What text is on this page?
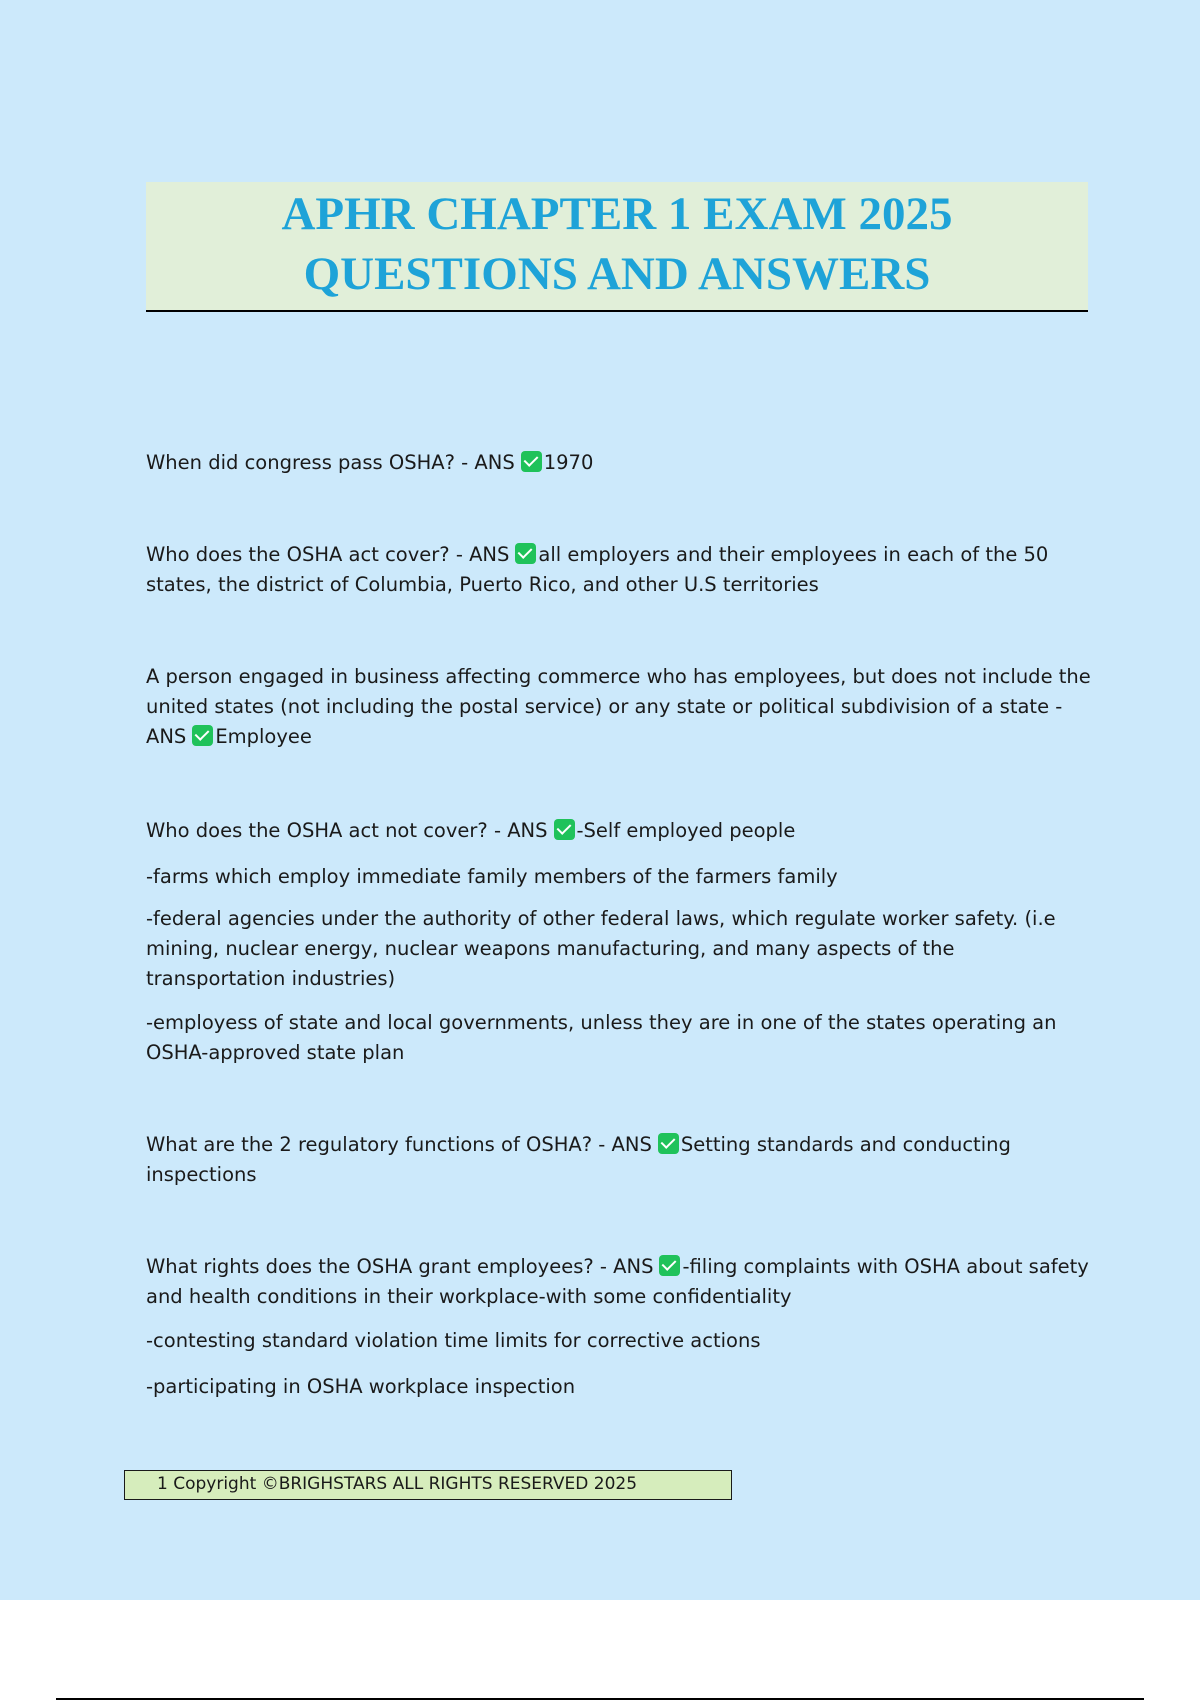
APHR CHAPTER 1 EXAM 2025

QUESTIONS AND ANSWERS

When did congress pass OSHA? - ANS 1970

Who does the OSHA act cover? - ANS all employers and their employees in each of the 50 states, the district of Columbia, Puerto Rico, and other U.S territories

A person engaged in business affecting commerce who has employees, but does not include the united states (not including the postal service) or any state or political subdivision of a state - ANS Employee

Who does the OSHA act not cover? - ANS -Self employed people

-farms which employ immediate family members of the farmers family

-federal agencies under the authority of other federal laws, which regulate worker safety. (i.e mining, nuclear energy, nuclear weapons manufacturing, and many aspects of the transportation industries)

-employess of state and local governments, unless they are in one of the states operating an OSHA-approved state plan

What are the 2 regulatory functions of OSHA? - ANS Setting standards and conducting inspections

What rights does the OSHA grant employees? - ANS -filing complaints with OSHA about safety and health conditions in their workplace-with some confidentiality

-contesting standard violation time limits for corrective actions

-participating in OSHA workplace inspection

1 Copyright ©BRIGHSTARS ALL RIGHTS RESERVED 2025
